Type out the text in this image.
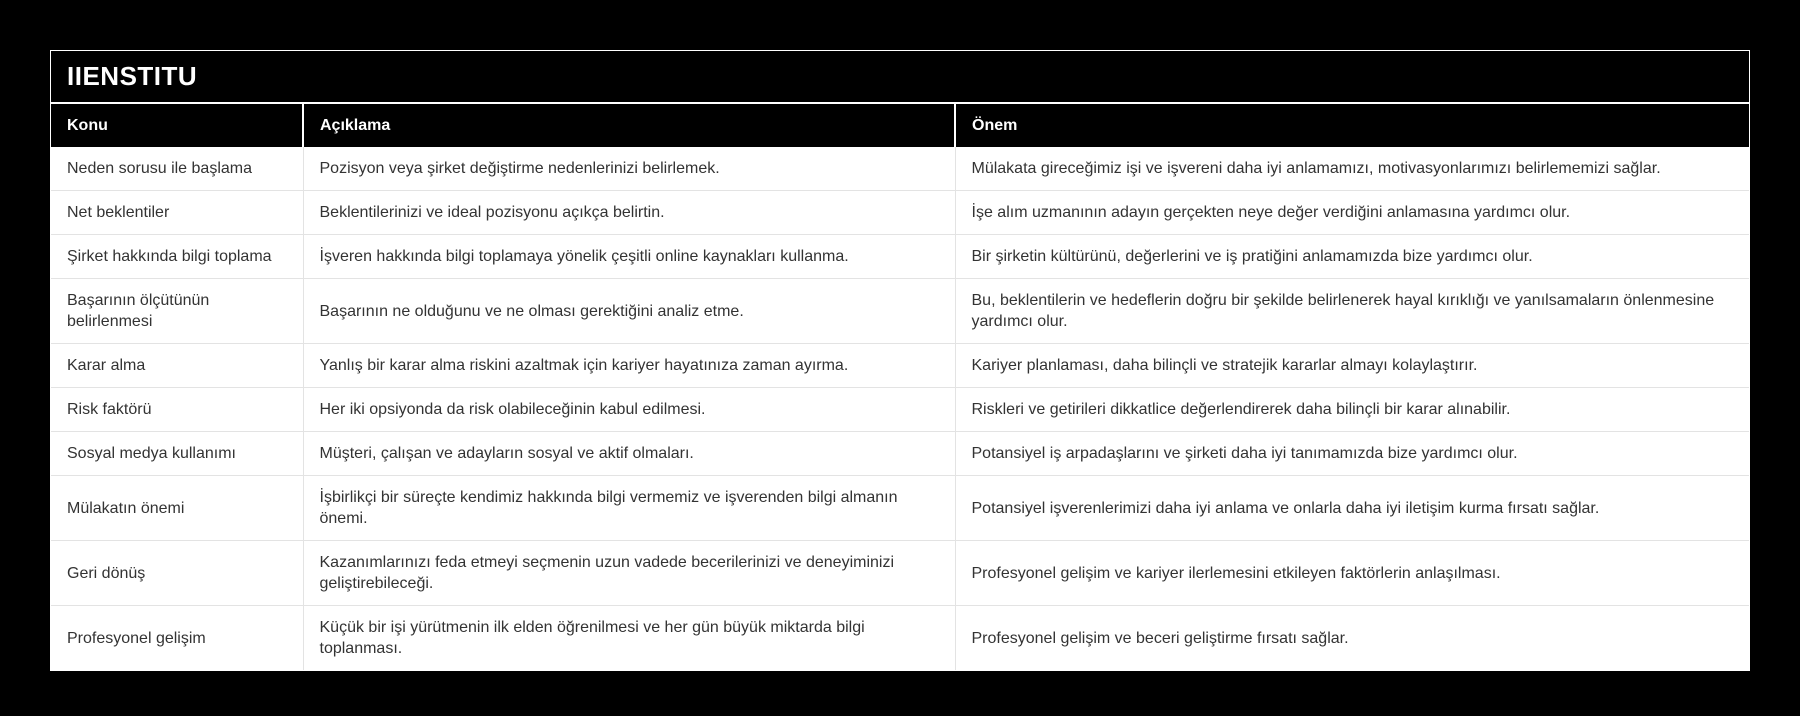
IIENSTITU
Konu	Açıklama	Önem
Neden sorusu ile başlama	Pozisyon veya şirket değiştirme nedenlerinizi belirlemek.	Mülakata gireceğimiz işi ve işvereni daha iyi anlamamızı, motivasyonlarımızı belirlememizi sağlar.
Net beklentiler	Beklentilerinizi ve ideal pozisyonu açıkça belirtin.	İşe alım uzmanının adayın gerçekten neye değer verdiğini anlamasına yardımcı olur.
Şirket hakkında bilgi toplama	İşveren hakkında bilgi toplamaya yönelik çeşitli online kaynakları kullanma.	Bir şirketin kültürünü, değerlerini ve iş pratiğini anlamamızda bize yardımcı olur.
Başarının ölçütünün belirlenmesi	Başarının ne olduğunu ve ne olması gerektiğini analiz etme.	Bu, beklentilerin ve hedeflerin doğru bir şekilde belirlenerek hayal kırıklığı ve yanılsamaların önlenmesine yardımcı olur.
Karar alma	Yanlış bir karar alma riskini azaltmak için kariyer hayatınıza zaman ayırma.	Kariyer planlaması, daha bilinçli ve stratejik kararlar almayı kolaylaştırır.
Risk faktörü	Her iki opsiyonda da risk olabileceğinin kabul edilmesi.	Riskleri ve getirileri dikkatlice değerlendirerek daha bilinçli bir karar alınabilir.
Sosyal medya kullanımı	Müşteri, çalışan ve adayların sosyal ve aktif olmaları.	Potansiyel iş arpadaşlarını ve şirketi daha iyi tanımamızda bize yardımcı olur.
Mülakatın önemi	İşbirlikçi bir süreçte kendimiz hakkında bilgi vermemiz ve işverenden bilgi almanın önemi.	Potansiyel işverenlerimizi daha iyi anlama ve onlarla daha iyi iletişim kurma fırsatı sağlar.
Geri dönüş	Kazanımlarınızı feda etmeyi seçmenin uzun vadede becerilerinizi ve deneyiminizi geliştirebileceği.	Profesyonel gelişim ve kariyer ilerlemesini etkileyen faktörlerin anlaşılması.
Profesyonel gelişim	Küçük bir işi yürütmenin ilk elden öğrenilmesi ve her gün büyük miktarda bilgi toplanması.	Profesyonel gelişim ve beceri geliştirme fırsatı sağlar.
